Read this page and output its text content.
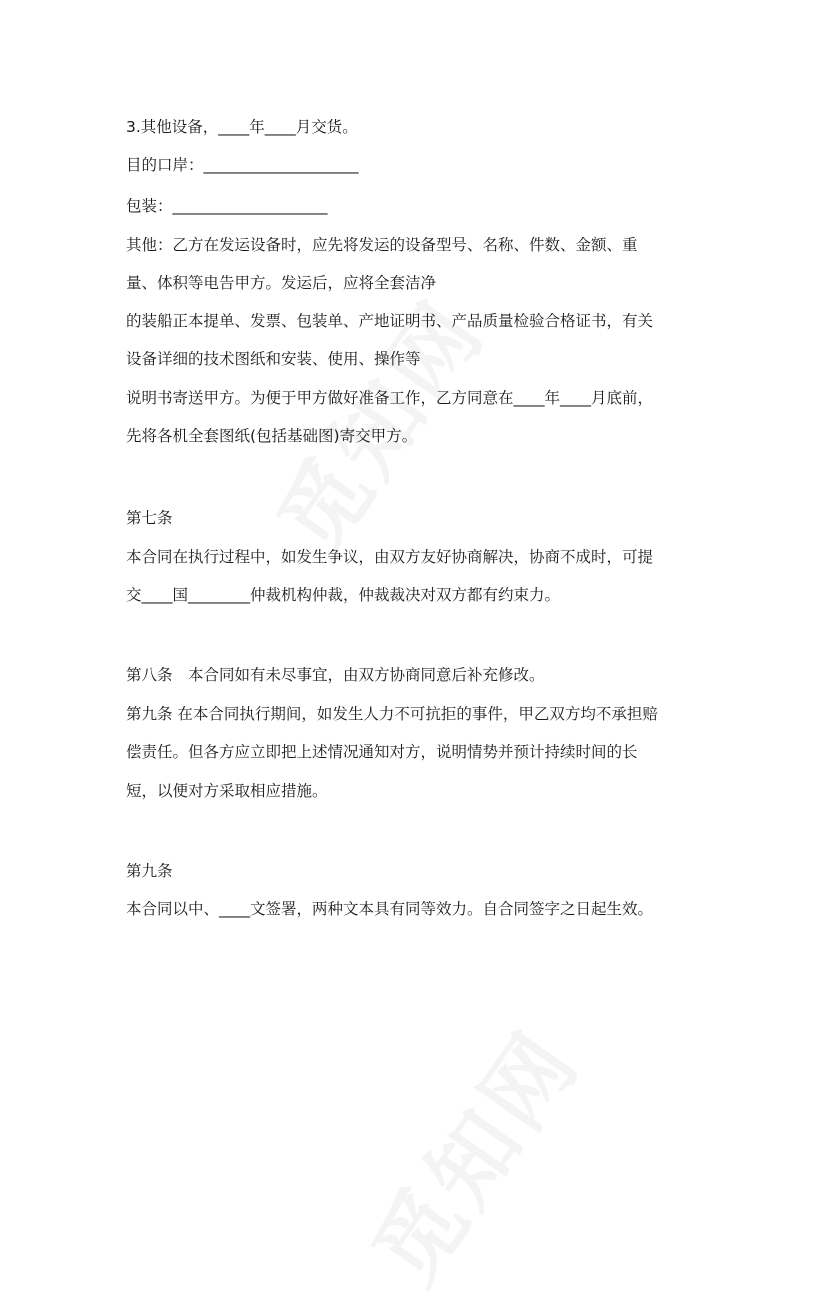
3.其他设备，____年____月交货。
目的口岸：____________________
包装：____________________
其他：乙方在发运设备时，应先将发运的设备型号、名称、件数、金额、重
量、体积等电告甲方。发运后，应将全套洁净
的装船正本提单、发票、包装单、产地证明书、产品质量检验合格证书，有关
设备详细的技术图纸和安装、使用、操作等
说明书寄送甲方。为便于甲方做好准备工作，乙方同意在____年____月底前，
先将各机全套图纸(包括基础图)寄交甲方。
第七条
本合同在执行过程中，如发生争议，由双方友好协商解决，协商不成时，可提
交____国________仲裁机构仲裁，仲裁裁决对双方都有约束力。
第八条　本合同如有未尽事宜，由双方协商同意后补充修改。
第九条 在本合同执行期间，如发生人力不可抗拒的事件，甲乙双方均不承担赔
偿责任。但各方应立即把上述情况通知对方，说明情势并预计持续时间的长
短，以便对方采取相应措施。
第九条
本合同以中、____文签署，两种文本具有同等效力。自合同签字之日起生效。
